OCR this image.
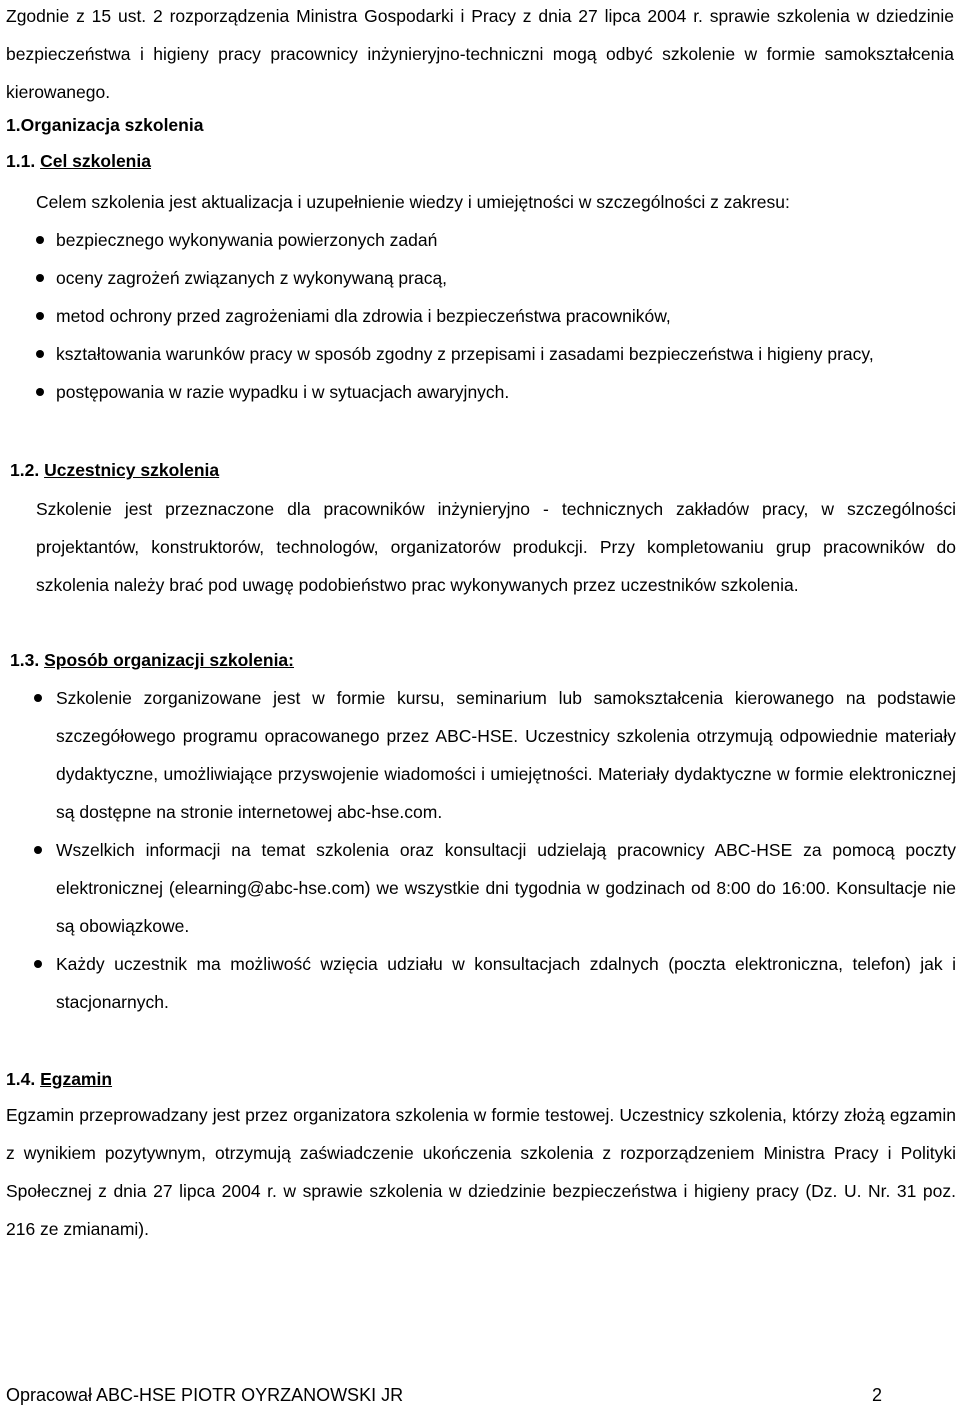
Zgodnie z 15 ust. 2 rozporządzenia Ministra Gospodarki i Pracy z dnia 27 lipca 2004 r. sprawie szkolenia w dziedzinie bezpieczeństwa i higieny pracy pracownicy inżynieryjno-techniczni mogą odbyć szkolenie w formie samokształcenia kierowanego.

1.Organizacja szkolenia
1.1. Cel szkolenia

Celem szkolenia jest aktualizacja i uzupełnienie wiedzy i umiejętności w szczególności z zakresu:

bezpiecznego wykonywania powierzonych zadań
oceny zagrożeń związanych z wykonywaną pracą,
metod ochrony przed zagrożeniami dla zdrowia i bezpieczeństwa pracowników,
kształtowania warunków pracy w sposób zgodny z przepisami i zasadami bezpieczeństwa i higieny pracy,
postępowania w razie wypadku i w sytuacjach awaryjnych.
1.2. Uczestnicy szkolenia

Szkolenie jest przeznaczone dla pracowników inżynieryjno - technicznych zakładów pracy, w szczególności projektantów, konstruktorów, technologów, organizatorów produkcji. Przy kompletowaniu grup pracowników do szkolenia należy brać pod uwagę podobieństwo prac wykonywanych przez uczestników szkolenia.

1.3. Sposób organizacji szkolenia:
Szkolenie zorganizowane jest w formie kursu, seminarium lub samokształcenia kierowanego na podstawie szczegółowego programu opracowanego przez ABC-HSE. Uczestnicy szkolenia otrzymują odpowiednie materiały dydaktyczne, umożliwiające przyswojenie wiadomości i umiejętności. Materiały dydaktyczne w formie elektronicznej są dostępne na stronie internetowej abc-hse.com.
Wszelkich informacji na temat szkolenia oraz konsultacji udzielają pracownicy ABC-HSE za pomocą poczty elektronicznej (elearning@abc-hse.com) we wszystkie dni tygodnia w godzinach od 8:00 do 16:00. Konsultacje nie są obowiązkowe.
Każdy uczestnik ma możliwość wzięcia udziału w konsultacjach zdalnych (poczta elektroniczna, telefon) jak i stacjonarnych.
1.4. Egzamin

Egzamin przeprowadzany jest przez organizatora szkolenia w formie testowej. Uczestnicy szkolenia, którzy złożą egzamin z wynikiem pozytywnym, otrzymują zaświadczenie ukończenia szkolenia z rozporządzeniem Ministra Pracy i Polityki Społecznej z dnia 27 lipca 2004 r. w sprawie szkolenia w dziedzinie bezpieczeństwa i higieny pracy (Dz. U. Nr. 31 poz. 216 ze zmianami).

Opracował ABC-HSE PIOTR OYRZANOWSKI JR	2
